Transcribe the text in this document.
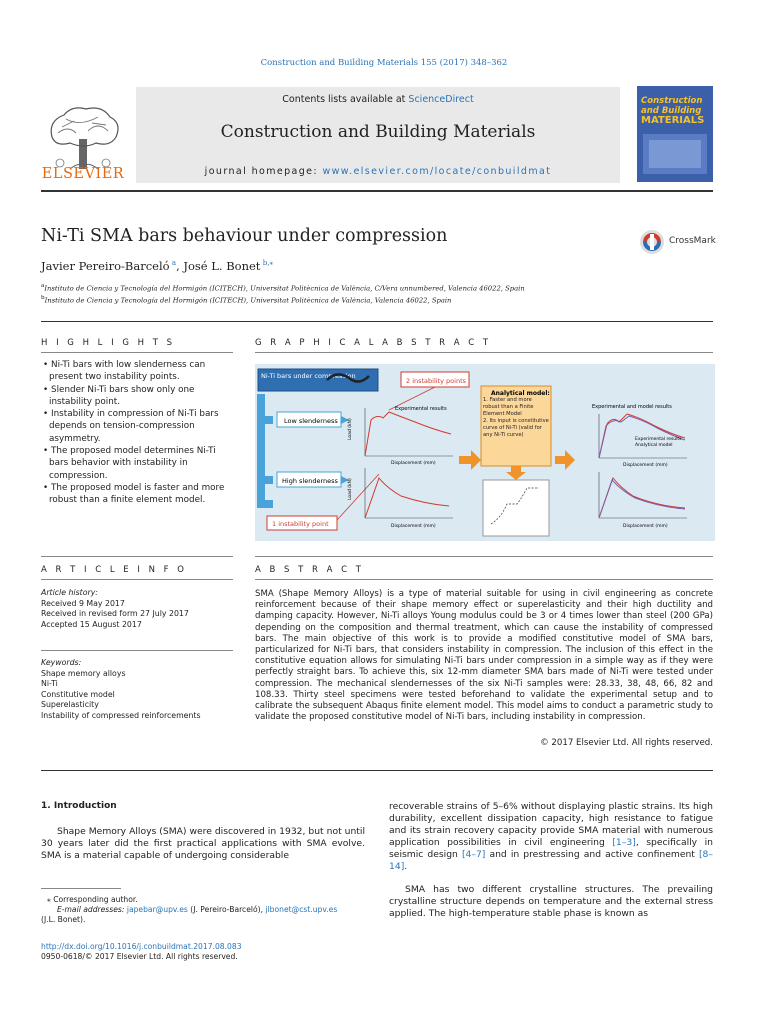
Construction and Building Materials 155 (2017) 348–362
ELSEVIER
Contents lists available at ScienceDirect
Construction and Building Materials
journal homepage: www.elsevier.com/locate/conbuildmat
Construction
and Building
MATERIALS
Ni-Ti SMA bars behaviour under compression
Javier Pereiro-Barceló  $^a$, José L. Bonet  $^{b,⁎}$
$^a$Instituto de Ciencia y Tecnología del Hormigón (ICITECH), Universitat Politècnica de València, C/Vera unnumbered, Valencia 46022, Spain
$^b$Instituto de Ciencia y Tecnología del Hormigón (ICITECH), Universitat Politècnica de València, Valencia 46022, Spain
CrossMark
H I G H L I G H T S
• Ni-Ti bars with low slenderness can present two instability points.
• Slender Ni-Ti bars show only one instability point.
• Instability in compression of Ni-Ti bars depends on tension-compression asymmetry.
• The proposed model determines Ni-Ti bars behavior with instability in compression.
• The proposed model is faster and more robust than a finite element model.
G R A P H I C A L A B S T R A C T
Ni-Ti bars under compression
2 instability points
Low slenderness
High slenderness
1 instability point
Experimental results
Load (kN)
Displacement (mm)
Load (kN)
Displacement (mm)
Analytical model:
1. Faster and more robust than a Finite Element Model
2. Its input is constitutive curve of Ni-Ti (valid for any Ni-Ti curve)
Experimental and model results
Experimental results
Analytical model
Displacement (mm)
Displacement (mm)
A R T I C L E I N F O
Article history:
Received 9 May 2017
Received in revised form 27 July 2017
Accepted 15 August 2017
Keywords:
Shape memory alloys
Ni-Ti
Constitutive model
Superelasticity
Instability of compressed reinforcements
A B S T R A C T
SMA (Shape Memory Alloys) is a type of material suitable for using in civil engineering as concrete reinforcement because of their shape memory effect or superelasticity and their high ductility and damping capacity. However, Ni-Ti alloys Young modulus could be 3 or 4 times lower than steel (200 GPa) depending on the composition and thermal treatment, which can cause the instability of compressed bars. The main objective of this work is to provide a modified constitutive model of SMA bars, particularized for Ni-Ti bars, that considers instability in compression. The inclusion of this effect in the constitutive equation allows for simulating Ni-Ti bars under compression in a simple way as if they were perfectly straight bars. To achieve this, six 12-mm diameter SMA bars made of Ni-Ti were tested under compression. The mechanical slendernesses of the six Ni-Ti samples were: 28.33, 38, 48, 66, 82 and 108.33. Thirty steel specimens were tested beforehand to validate the experimental setup and to calibrate the subsequent Abaqus finite element model. This model aims to conduct a parametric study to validate the proposed constitutive model of Ni-Ti bars, including instability in compression.
© 2017 Elsevier Ltd. All rights reserved.
1. Introduction
Shape Memory Alloys (SMA) were discovered in 1932, but not until 30 years later did the first practical applications with SMA evolve. SMA is a material capable of undergoing considerable
recoverable strains of 5–6% without displaying plastic strains. Its high durability, excellent dissipation capacity, high resistance to fatigue and its strain recovery capacity provide SMA material with numerous application possibilities in civil engineering [1–3], specifically in seismic design [4–7] and in prestressing and active confinement [8–14].
SMA has two different crystalline structures. The prevailing crystalline structure depends on temperature and the external stress applied. The high-temperature stable phase is known as
⁎ Corresponding author.
E-mail addresses: japebar@upv.es (J. Pereiro-Barceló), jlbonet@cst.upv.es
(J.L. Bonet).
http://dx.doi.org/10.1016/j.conbuildmat.2017.08.083
0950-0618/© 2017 Elsevier Ltd. All rights reserved.
